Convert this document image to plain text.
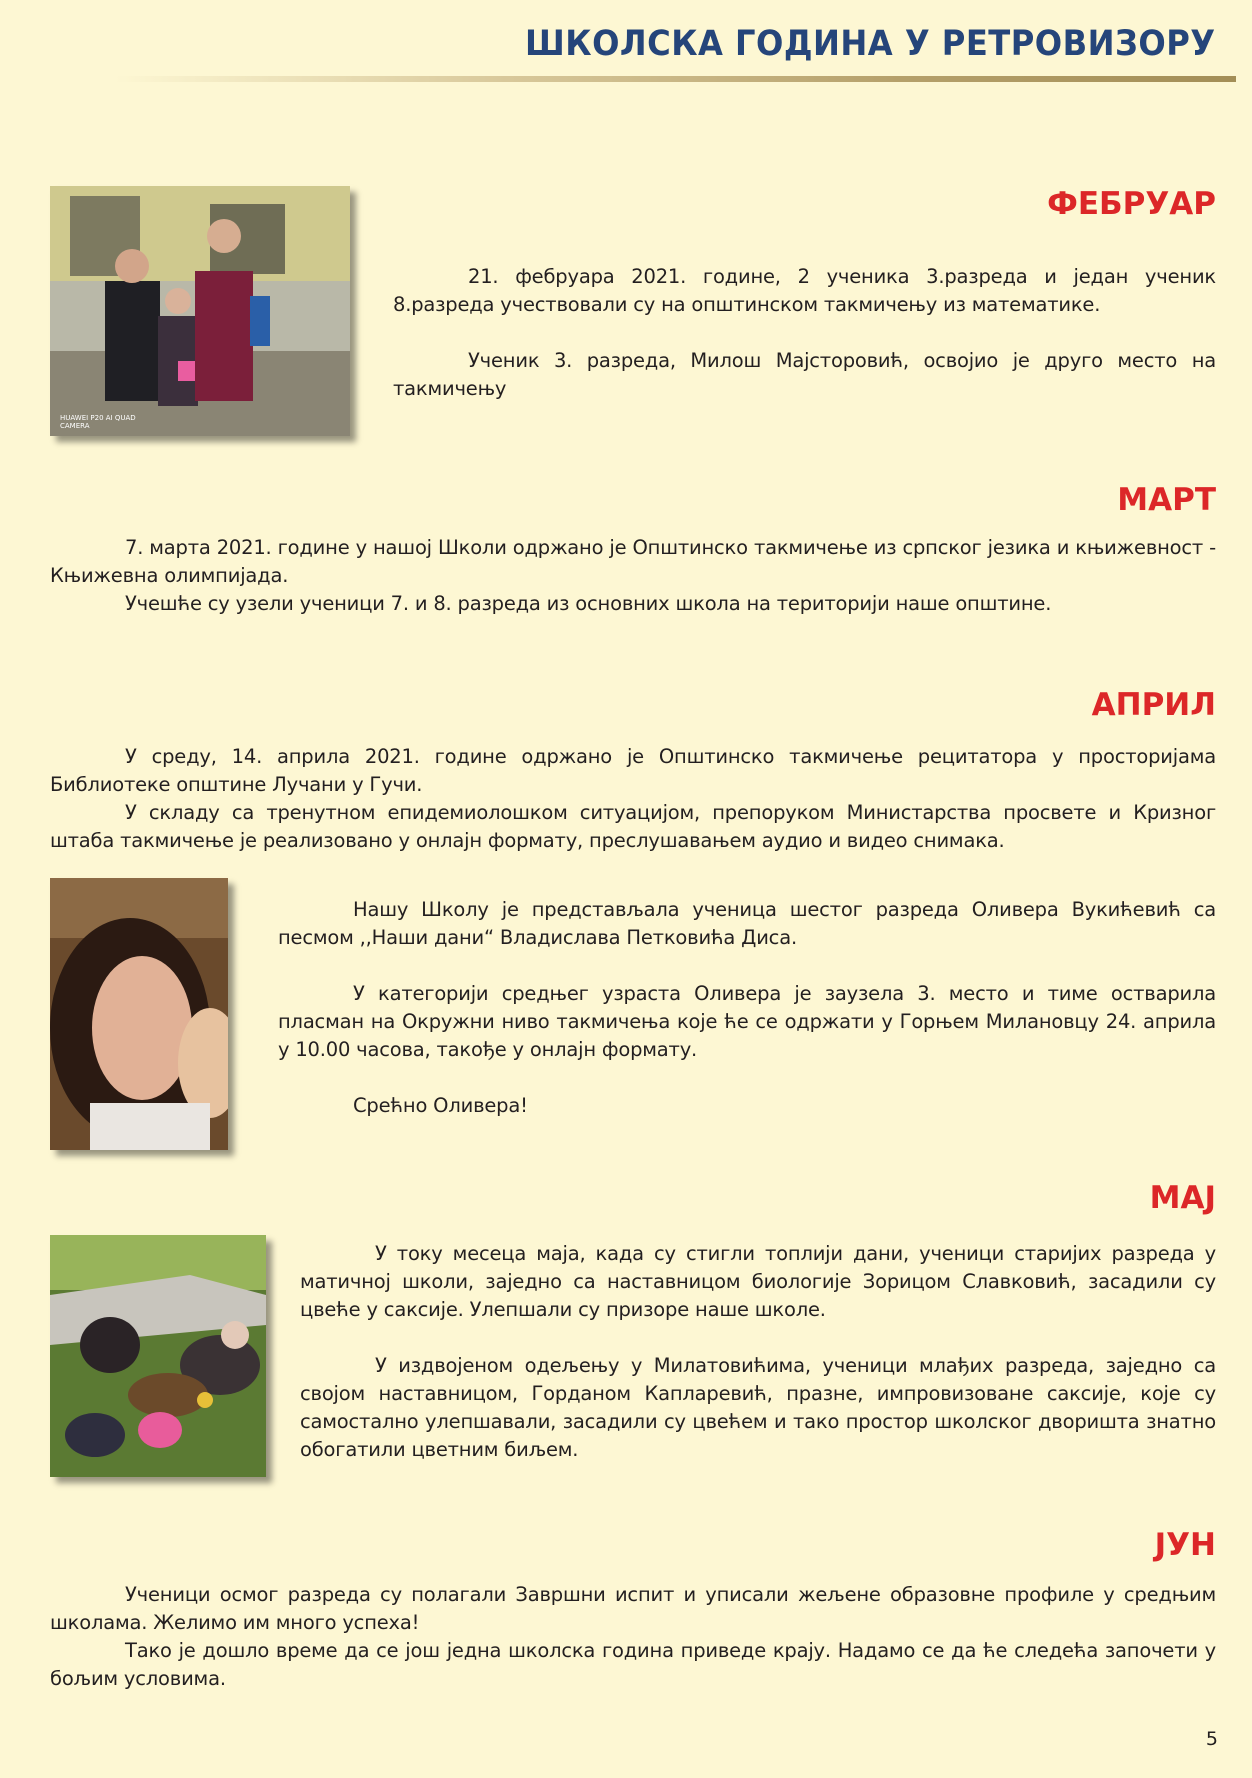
ШКОЛСКА ГОДИНА У РЕТРОВИЗОРУ
HUAWEI P20 AI QUAD CAMERA
ФЕБРУАР

21. фебруара 2021. године, 2 ученика 3.разреда и један ученик 8.разреда учествовали су на општинском такмичењу из математике.

Ученик 3. разреда, Милош Мајсторовић, освојио је друго место на такмичењу

МАРТ

7. марта 2021. године у нашој Школи одржано је Општинско такмичење из српског језика и књижевност - Књижевна олимпијада.

Учешће су узели ученици 7. и 8. разреда из основних школа на територији наше општине.

АПРИЛ

У среду, 14. априла 2021. године одржано је Општинско такмичење рецитатора у просторијама Библиотеке општине Лучани у Гучи.

У складу са тренутном епидемиолошком ситуацијом, препоруком Министарства просвете и Кризног штаба такмичење је реализовано у онлајн формату, преслушавањем аудио и видео снимака.

Нашу Школу је представљала ученица шестог разреда Оливера Вукићевић са песмом ,,Наши дани“ Владислава Петковића Диса.

У категорији средњег узраста Оливера је заузела 3. место и тиме остварила пласман на Окружни ниво такмичења које ће се одржати у Горњем Милановцу 24. априла у 10.00 часова, такође у онлајн формату.

Срећно Оливера!

МАЈ

У току месеца маја, када су стигли топлији дани, ученици старијих разреда у матичној школи, заједно са наставницом биологије Зорицом Славковић, засадили су цвеће у саксије. Улепшали су призоре наше школе.

У издвојеном одељењу у Милатовићима, ученици млађих разреда, заједно са својом наставницом, Гордaном Капларевић, празне, импровизоване саксије, које су самостално улепшавали, засадили су цвећем и тако простор школског дворишта знатно обогатили цветним биљем.

ЈУН

Ученици осмог разреда су полагали Завршни испит и уписали жељене образовне профиле у средњим школама. Желимо им много успеха!

Тако је дошло време да се још једна школска година приведе крају. Надамо се да ће следећа започети у бољим условима.

5
